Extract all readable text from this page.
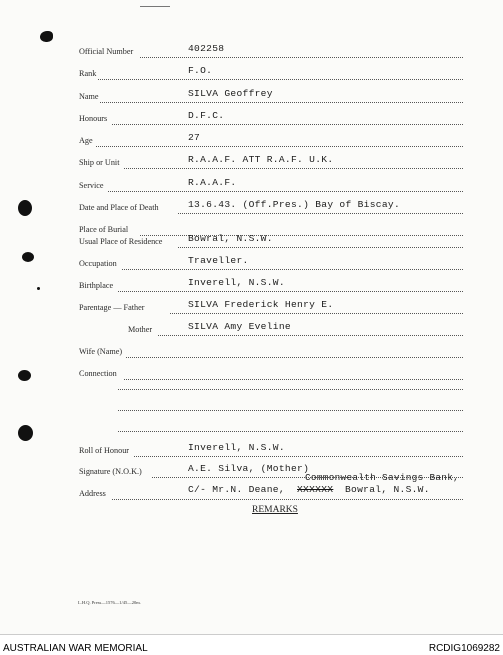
Official Number	402258
Rank	F.O.
Name	SILVA Geoffrey
Honours	D.F.C.
Age	27
Ship or Unit	R.A.A.F. ATT R.A.F. U.K.
Service	R.A.A.F.
Date and Place of Death	13.6.43. (Off.Pres.) Bay of Biscay.
Place of Burial
Usual Place of Residence	Bowral, N.S.W.
Occupation	Traveller.
Birthplace	Inverell, N.S.W.
Parentage — Father	SILVA Frederick Henry E.
Mother	SILVA Amy Eveline
Wife (Name)
Connection
Roll of Honour	Inverell, N.S.W.
Signature (N.O.K.)	A.E. Silva, (Mother)
Address
Commonwealth Savings Bank,
C/- Mr.N. Deane, XXXXXX Bowral, N.S.W.
REMARKS
L.H.Q. Press—1576—1/45—20m.
AUSTRALIAN WAR MEMORIAL	RCDIG1069282
